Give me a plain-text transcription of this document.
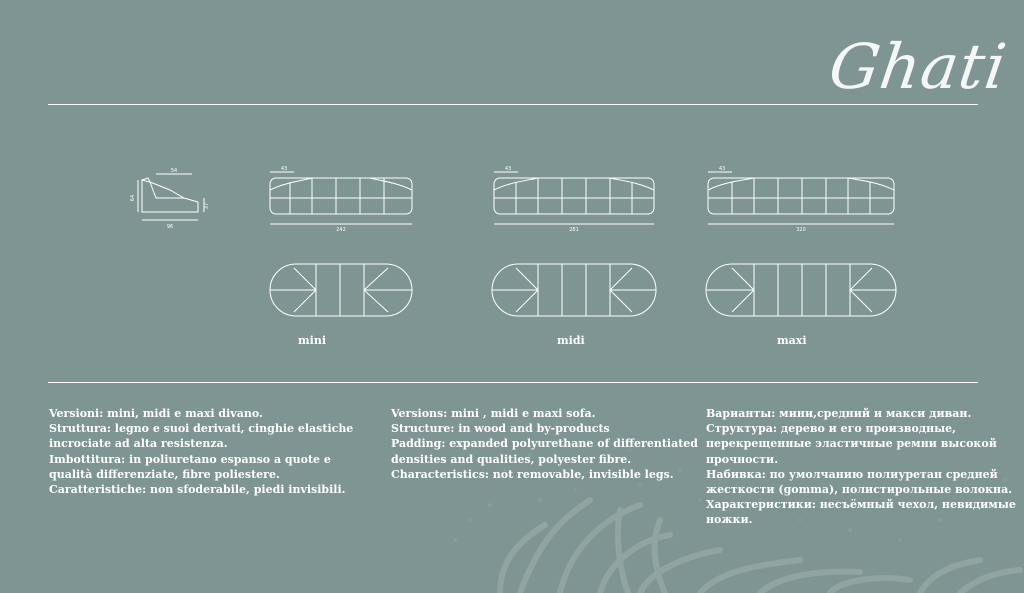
Ghati
54
96
64
37
43
242
43
281
43
320
mini	midi	maxi
Versioni: mini, midi e maxi divano.
Struttura: legno e suoi derivati, cinghie elastiche
incrociate ad alta resistenza.
Imbottitura: in poliuretano espanso a quote e
qualità differenziate, fibre poliestere.
Caratteristiche: non sfoderabile, piedi invisibili.
Versions: mini , midi e maxi sofa.
Structure: in wood and by-products
Padding: expanded polyurethane of differentiated
densities and qualities, polyester fibre.
Characteristics: not removable, invisible legs.
Варианты: мини,средний и макси диван.
Структура: дерево и его производные,
перекрещенные эластичные ремни высокой
прочности.
Набивка: по умолчанию полиуретан средней
жесткости (gomma), полистирольные волокна.
Характеристики: несъёмный чехол, невидимые
ножки.
